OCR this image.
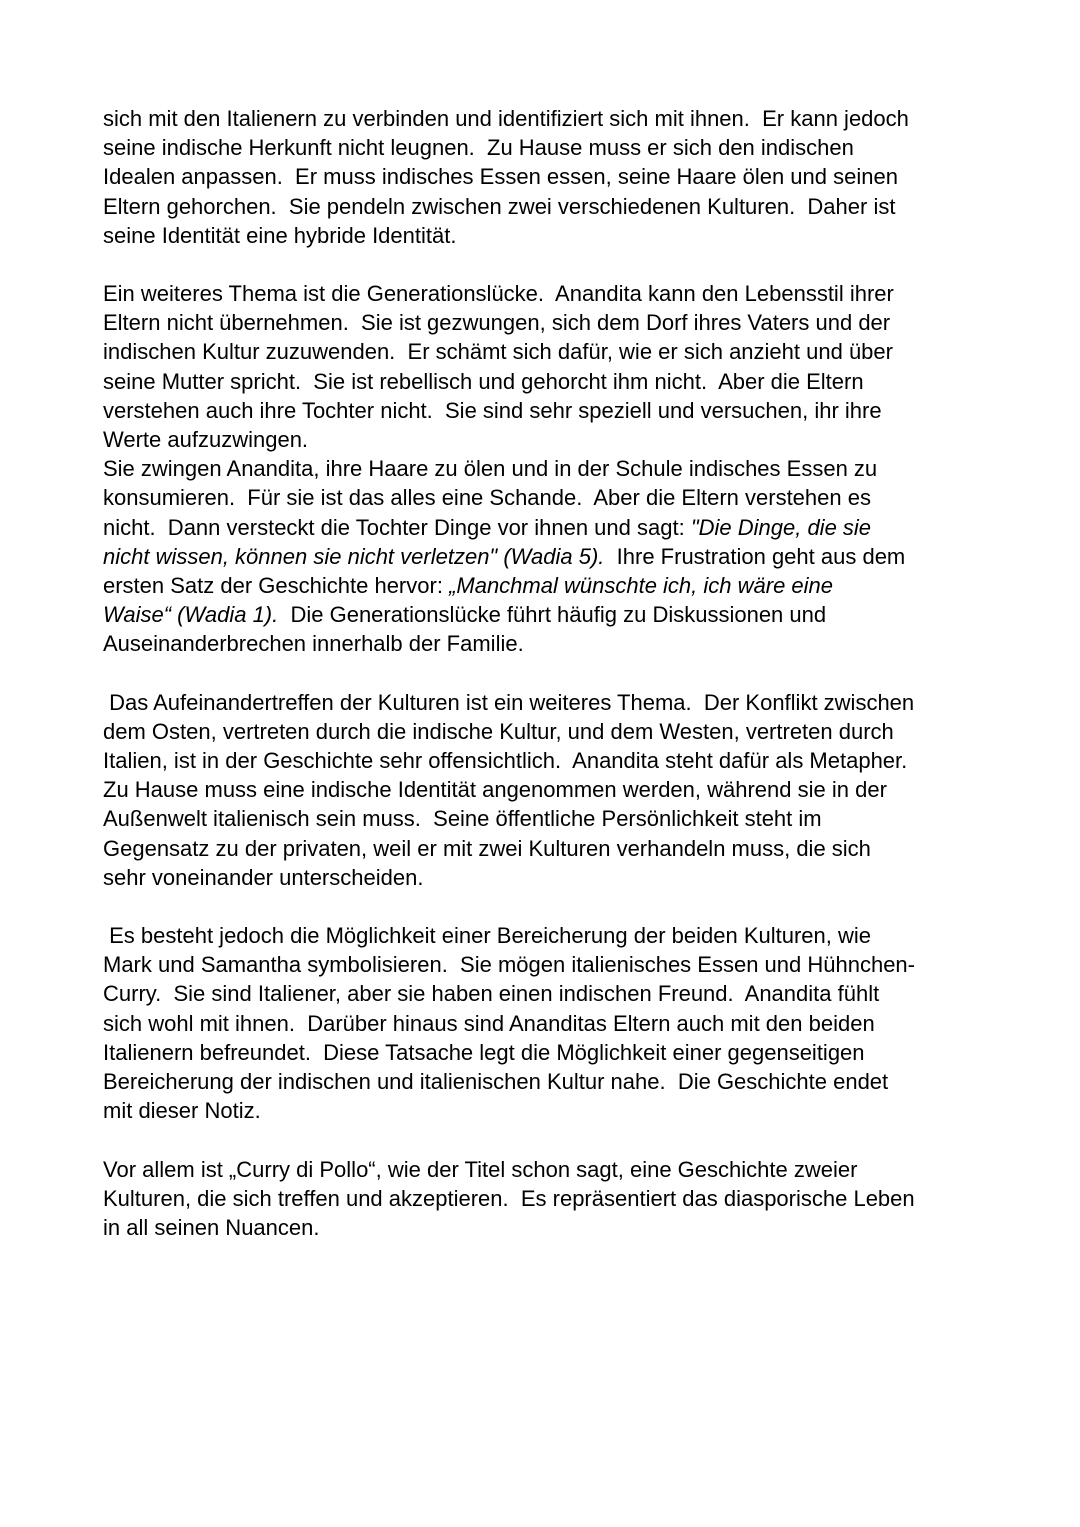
sich mit den Italienern zu verbinden und identifiziert sich mit ihnen.  Er kann jedoch
seine indische Herkunft nicht leugnen.  Zu Hause muss er sich den indischen
Idealen anpassen.  Er muss indisches Essen essen, seine Haare ölen und seinen
Eltern gehorchen.  Sie pendeln zwischen zwei verschiedenen Kulturen.  Daher ist
seine Identität eine hybride Identität.

Ein weiteres Thema ist die Generationslücke.  Anandita kann den Lebensstil ihrer
Eltern nicht übernehmen.  Sie ist gezwungen, sich dem Dorf ihres Vaters und der
indischen Kultur zuzuwenden.  Er schämt sich dafür, wie er sich anzieht und über
seine Mutter spricht.  Sie ist rebellisch und gehorcht ihm nicht.  Aber die Eltern
verstehen auch ihre Tochter nicht.  Sie sind sehr speziell und versuchen, ihr ihre
Werte aufzuzwingen.

Sie zwingen Anandita, ihre Haare zu ölen und in der Schule indisches Essen zu
konsumieren.  Für sie ist das alles eine Schande.  Aber die Eltern verstehen es
nicht.  Dann versteckt die Tochter Dinge vor ihnen und sagt: "Die Dinge, die sie
nicht wissen, können sie nicht verletzen" (Wadia 5).  Ihre Frustration geht aus dem
ersten Satz der Geschichte hervor: „Manchmal wünschte ich, ich wäre eine
Waise“ (Wadia 1).  Die Generationslücke führt häufig zu Diskussionen und
Auseinanderbrechen innerhalb der Familie.

Das Aufeinandertreffen der Kulturen ist ein weiteres Thema.  Der Konflikt zwischen
dem Osten, vertreten durch die indische Kultur, und dem Westen, vertreten durch
Italien, ist in der Geschichte sehr offensichtlich.  Anandita steht dafür als Metapher.
Zu Hause muss eine indische Identität angenommen werden, während sie in der
Außenwelt italienisch sein muss.  Seine öffentliche Persönlichkeit steht im
Gegensatz zu der privaten, weil er mit zwei Kulturen verhandeln muss, die sich
sehr voneinander unterscheiden.

Es besteht jedoch die Möglichkeit einer Bereicherung der beiden Kulturen, wie
Mark und Samantha symbolisieren.  Sie mögen italienisches Essen und Hühnchen-
Curry.  Sie sind Italiener, aber sie haben einen indischen Freund.  Anandita fühlt
sich wohl mit ihnen.  Darüber hinaus sind Ananditas Eltern auch mit den beiden
Italienern befreundet.  Diese Tatsache legt die Möglichkeit einer gegenseitigen
Bereicherung der indischen und italienischen Kultur nahe.  Die Geschichte endet
mit dieser Notiz.

Vor allem ist „Curry di Pollo“, wie der Titel schon sagt, eine Geschichte zweier
Kulturen, die sich treffen und akzeptieren.  Es repräsentiert das diasporische Leben
in all seinen Nuancen.
